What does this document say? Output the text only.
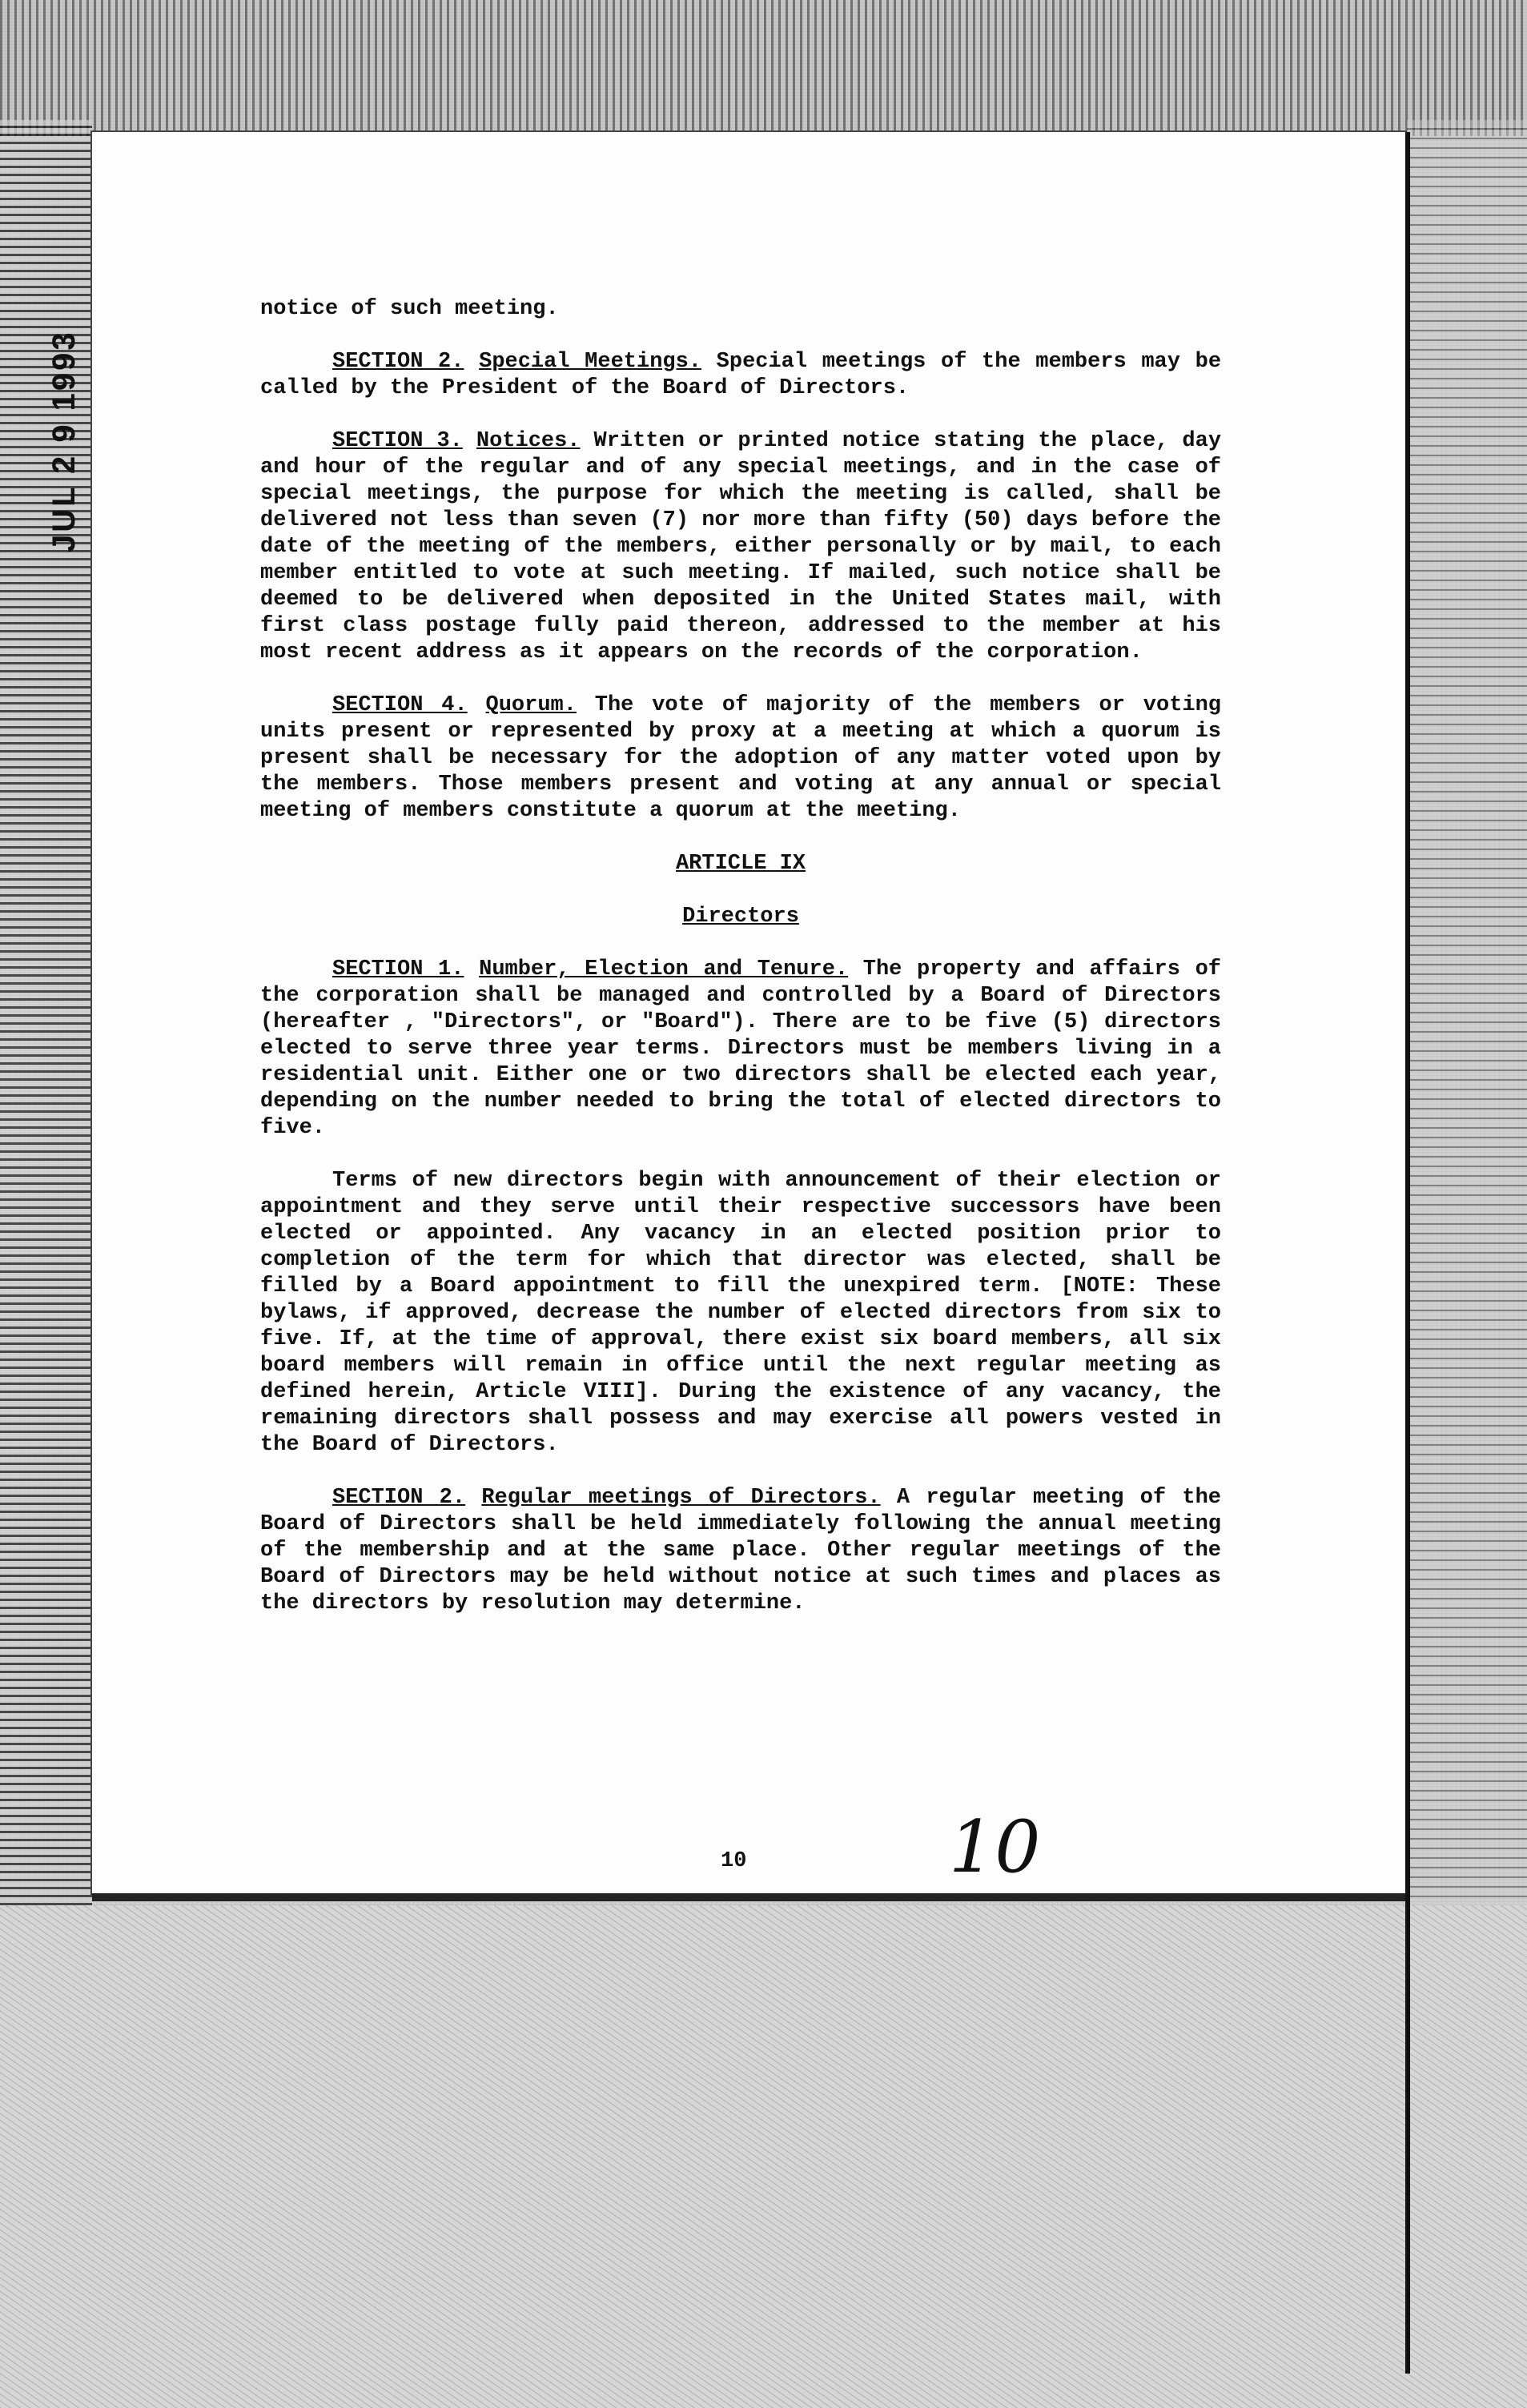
JUL 2 9 1993

notice of such meeting.

SECTION 2. Special Meetings. Special meetings of the members may be called by the President of the Board of Directors.

SECTION 3. Notices. Written or printed notice stating the place, day and hour of the regular and of any special meetings, and in the case of special meetings, the purpose for which the meeting is called, shall be delivered not less than seven (7) nor more than fifty (50) days before the date of the meeting of the members, either personally or by mail, to each member entitled to vote at such meeting. If mailed, such notice shall be deemed to be delivered when deposited in the United States mail, with first class postage fully paid thereon, addressed to the member at his most recent address as it appears on the records of the corporation.

SECTION 4. Quorum. The vote of majority of the members or voting units present or represented by proxy at a meeting at which a quorum is present shall be necessary for the adoption of any matter voted upon by the members. Those members present and voting at any annual or special meeting of members constitute a quorum at the meeting.

ARTICLE IX

Directors

SECTION 1. Number, Election and Tenure. The property and affairs of the corporation shall be managed and controlled by a Board of Directors (hereafter , "Directors", or "Board"). There are to be five (5) directors elected to serve three year terms. Directors must be members living in a residential unit. Either one or two directors shall be elected each year, depending on the number needed to bring the total of elected directors to five.

Terms of new directors begin with announcement of their election or appointment and they serve until their respective successors have been elected or appointed. Any vacancy in an elected position prior to completion of the term for which that director was elected, shall be filled by a Board appointment to fill the unexpired term. [NOTE: These bylaws, if approved, decrease the number of elected directors from six to five. If, at the time of approval, there exist six board members, all six board members will remain in office until the next regular meeting as defined herein, Article VIII]. During the existence of any vacancy, the remaining directors shall possess and may exercise all powers vested in the Board of Directors.

SECTION 2. Regular meetings of Directors. A regular meeting of the Board of Directors shall be held immediately following the annual meeting of the membership and at the same place. Other regular meetings of the Board of Directors may be held without notice at such times and places as the directors by resolution may determine.

10	10
